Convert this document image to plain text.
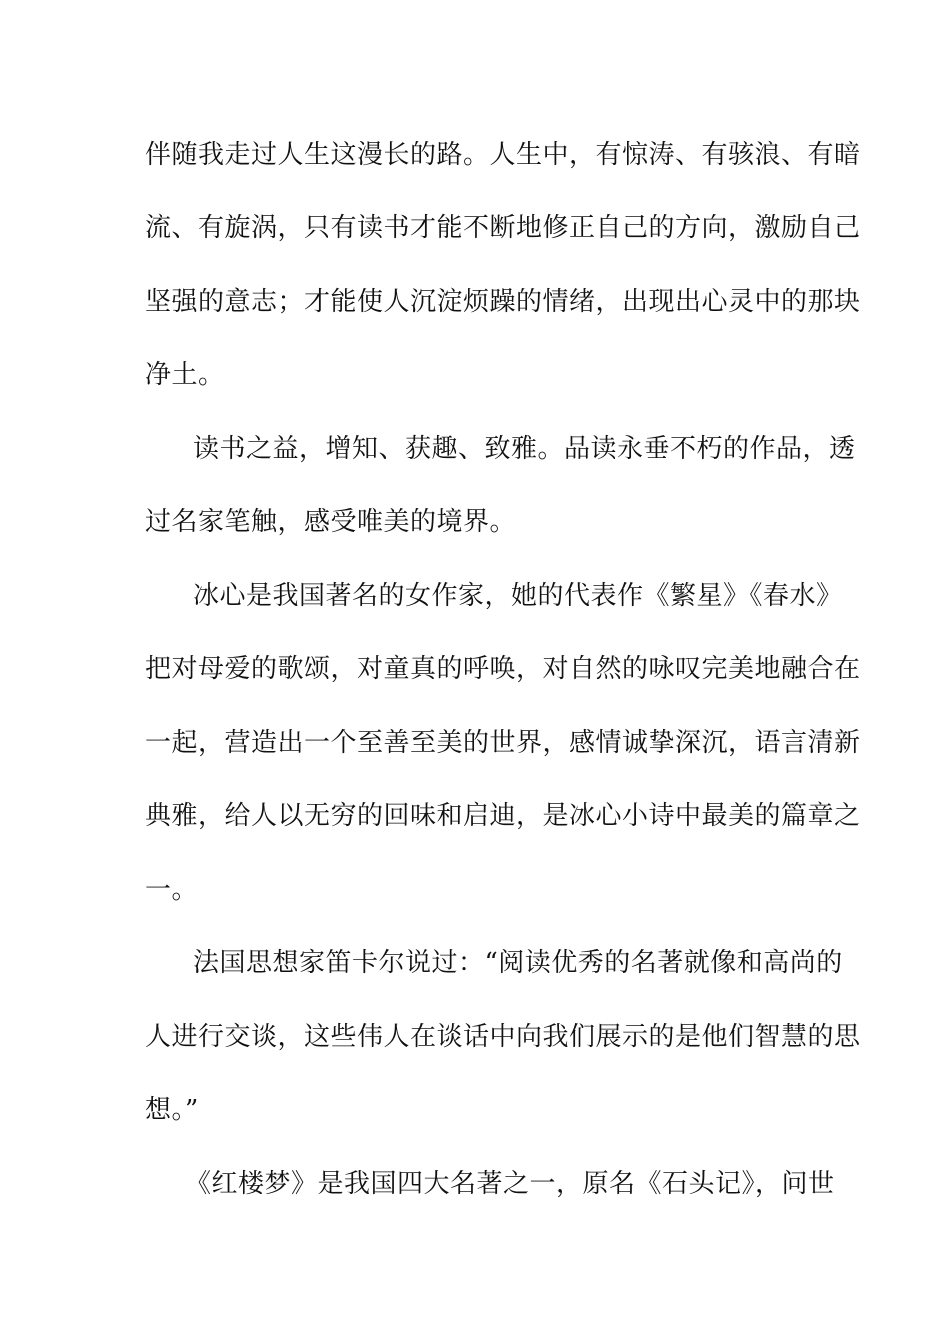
伴随我走过人生这漫长的路。人生中，有惊涛、有骇浪、有暗
流、有旋涡，只有读书才能不断地修正自己的方向，激励自己
坚强的意志；才能使人沉淀烦躁的情绪，出现出心灵中的那块
净土。
读书之益，增知、获趣、致雅。品读永垂不朽的作品，透
过名家笔触，感受唯美的境界。
冰心是我国著名的女作家，她的代表作《繁星》《春水》
把对母爱的歌颂，对童真的呼唤，对自然的咏叹完美地融合在
一起，营造出一个至善至美的世界，感情诚挚深沉，语言清新
典雅，给人以无穷的回味和启迪，是冰心小诗中最美的篇章之
一。
法国思想家笛卡尔说过：“阅读优秀的名著就像和高尚的
人进行交谈，这些伟人在谈话中向我们展示的是他们智慧的思
想。”
《红楼梦》是我国四大名著之一，原名《石头记》，问世
